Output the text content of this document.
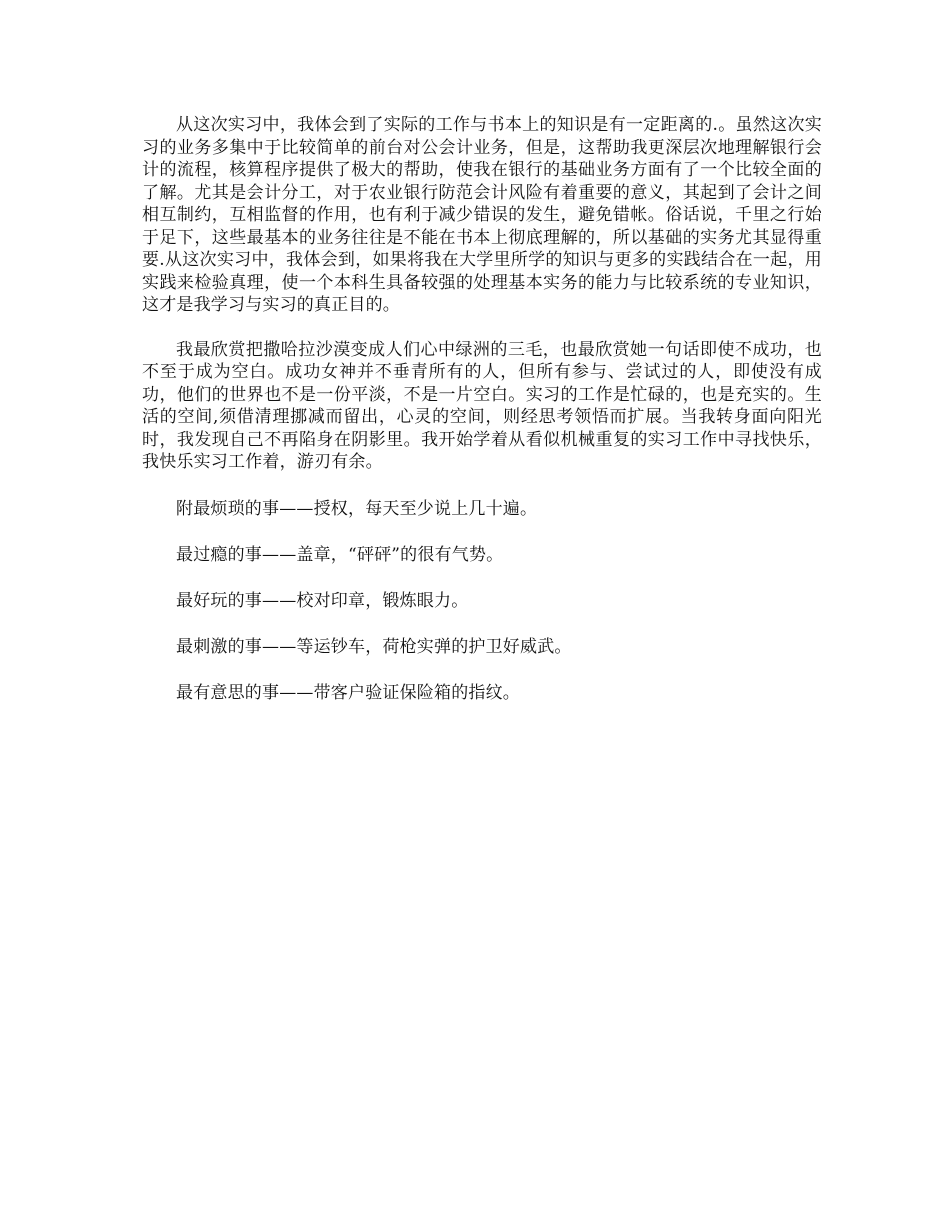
从这次实习中，我体会到了实际的工作与书本上的知识是有一定距离的.。虽然这次实习的业务多集中于比较简单的前台对公会计业务，但是，这帮助我更深层次地理解银行会计的流程，核算程序提供了极大的帮助，使我在银行的基础业务方面有了一个比较全面的了解。尤其是会计分工，对于农业银行防范会计风险有着重要的意义，其起到了会计之间相互制约，互相监督的作用，也有利于减少错误的发生，避免错帐。俗话说，千里之行始于足下，这些最基本的业务往往是不能在书本上彻底理解的，所以基础的实务尤其显得重要.从这次实习中，我体会到，如果将我在大学里所学的知识与更多的实践结合在一起，用实践来检验真理，使一个本科生具备较强的处理基本实务的能力与比较系统的专业知识，这才是我学习与实习的真正目的。

我最欣赏把撒哈拉沙漠变成人们心中绿洲的三毛，也最欣赏她一句话即使不成功，也不至于成为空白。成功女神并不垂青所有的人，但所有参与、尝试过的人，即使没有成功，他们的世界也不是一份平淡，不是一片空白。实习的工作是忙碌的，也是充实的。生活的空间,须借清理挪减而留出，心灵的空间，则经思考领悟而扩展。当我转身面向阳光时，我发现自己不再陷身在阴影里。我开始学着从看似机械重复的实习工作中寻找快乐，我快乐实习工作着，游刃有余。

附最烦琐的事——授权，每天至少说上几十遍。

最过瘾的事——盖章，“砰砰”的很有气势。

最好玩的事——校对印章，锻炼眼力。

最刺激的事——等运钞车，荷枪实弹的护卫好威武。

最有意思的事——带客户验证保险箱的指纹。
